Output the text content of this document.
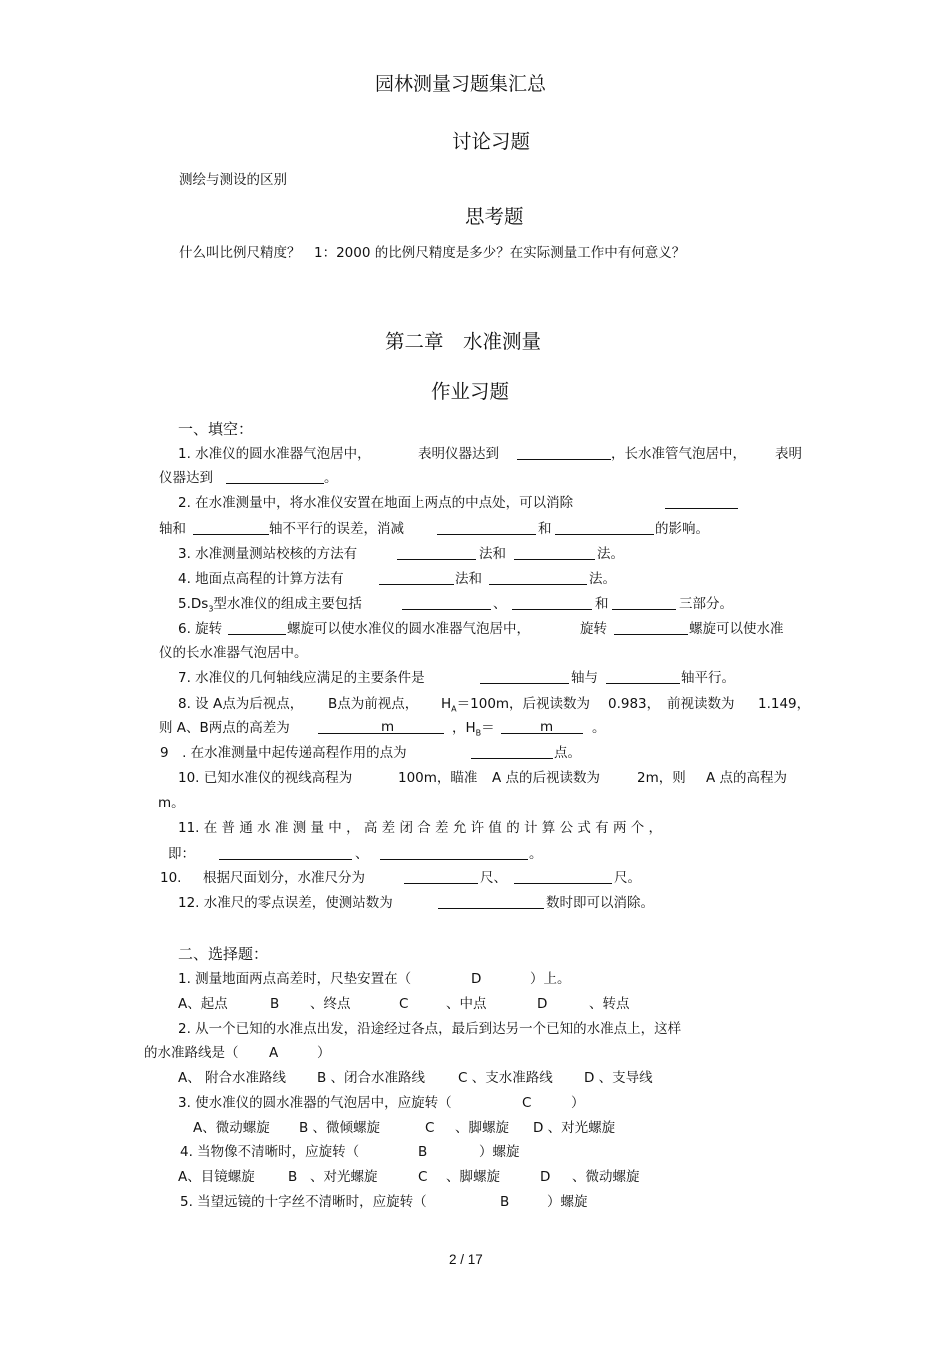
园林测量习题集汇总
讨论习题
测绘与测设的区别
思考题
什么叫比例尺精度？　1：2000 的比例尺精度是多少？在实际测量工作中有何意义？
第二章　水准测量
作业习题
一、填空：
1. 水准仪的圆水准器气泡居中，	表明仪器达到	，长水准管气泡居中， 表明
仪器达到	。
2. 在水准测量中，将水准仪安置在地面上两点的中点处，可以消除
轴和	轴不平行的误差，消减	和	的影响。
3. 水准测量测站校核的方法有	法和	法。
4. 地面点高程的计算方法有	法和	法。
$5.Ds_3$型水准仪的组成主要包括	、	和	三部分。
6. 旋转	螺旋可以使水准仪的圆水准器气泡居中，	旋转	螺旋可以使水准
仪的长水准器气泡居中。
7. 水准仪的几何轴线应满足的主要条件是	轴与	轴平行。
8. 设 A点为后视点， B点为前视点， $H_A=100m$，后视读数为 0.983， 前视读数为 1.149，
则 A、B两点的高差为	m	，$H_B=$	m	。
9　. 在水准测量中起传递高程作用的点为	点。
10. 已知水准仪的视线高程为	100m，瞄准 A 点的后视读数为	2m，则 A 点的高程为
m。
11. 在 普 通 水 准 测 量 中 ， 高 差 闭 合 差 允 许 值 的 计 算 公 式 有 两 个 ，
即：	、	。
10. 根据尺面划分，水准尺分为	尺、	尺。
12. 水准尺的零点误差，使测站数为	数时即可以消除。
二、选择题：
1. 测量地面两点高差时，尺垫安置在（	D	）上。
A、起点	B 、终点	C	、中点	D	、转点
2. 从一个已知的水准点出发，沿途经过各点，最后到达另一个已知的水准点上，这样
的水准路线是（ A	）
A、 附合水准路线 B 、闭合水准路线 C 、支水准路线 D 、支导线
3. 使水准仪的圆水准器的气泡居中，应旋转（	C	）
A、微动螺旋 B 、微倾螺旋	C 、脚螺旋 D 、对光螺旋
4. 当物像不清晰时，应旋转（	B	）螺旋
A、目镜螺旋 B 、对光螺旋	C 、脚螺旋	D 、微动螺旋
5. 当望远镜的十字丝不清晰时，应旋转（	B	）螺旋
2 / 17
